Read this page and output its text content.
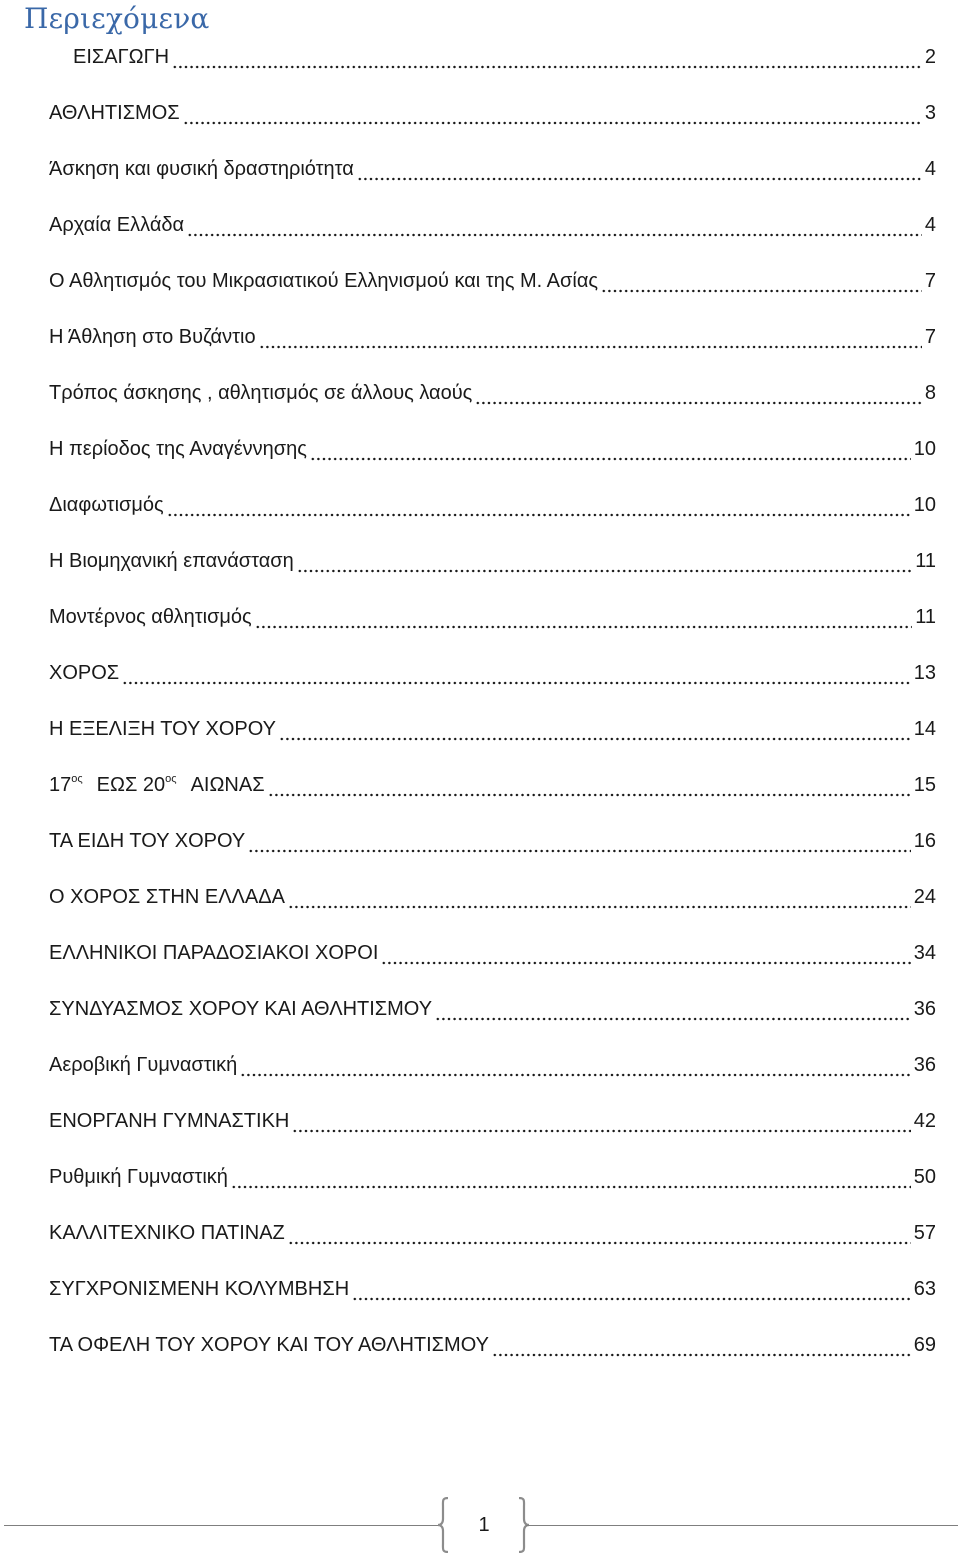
Περιεχόμενα
ΕΙΣΑΓΩΓΗ	2
ΑΘΛΗΤΙΣΜΟΣ	3
Άσκηση και φυσική δραστηριότητα	4
Αρχαία Ελλάδα	4
Ο Αθλητισμός του Μικρασιατικού Ελληνισμού και της Μ. Ασίας	7
Η Άθληση στο Βυζάντιο	7
Τρόπος άσκησης , αθλητισμός σε άλλους λαούς	8
Η περίοδος της Αναγέννησης	10
Διαφωτισμός	10
Η Βιομηχανική επανάσταση	11
Μοντέρνος αθλητισμός	11
ΧΟΡΟΣ	13
Η ΕΞΕΛΙΞΗ ΤΟΥ ΧΟΡΟΥ	14
$17^{o\varsigma}$ ΕΩΣ $20^{o\varsigma}$ ΑΙΩΝΑΣ	15
ΤΑ ΕΙΔΗ ΤΟΥ ΧΟΡΟΥ	16
Ο ΧΟΡΟΣ ΣΤΗΝ ΕΛΛΑΔΑ	24
ΕΛΛΗΝΙΚΟΙ ΠΑΡΑΔΟΣΙΑΚΟΙ ΧΟΡΟΙ	34
ΣΥΝΔΥΑΣΜΟΣ ΧΟΡΟΥ ΚΑΙ ΑΘΛΗΤΙΣΜΟΥ	36
Αεροβική Γυμναστική	36
ΕΝΟΡΓΑΝΗ ΓΥΜΝΑΣΤΙΚΗ	42
Ρυθμική Γυμναστική	50
ΚΑΛΛΙΤΕΧΝΙΚΟ ΠΑΤΙΝΑΖ	57
ΣΥΓΧΡΟΝΙΣΜΕΝΗ ΚΟΛΥΜΒΗΣΗ	63
ΤΑ ΟΦΕΛΗ ΤΟΥ ΧΟΡΟΥ ΚΑΙ ΤΟΥ ΑΘΛΗΤΙΣΜΟΥ	69
1
